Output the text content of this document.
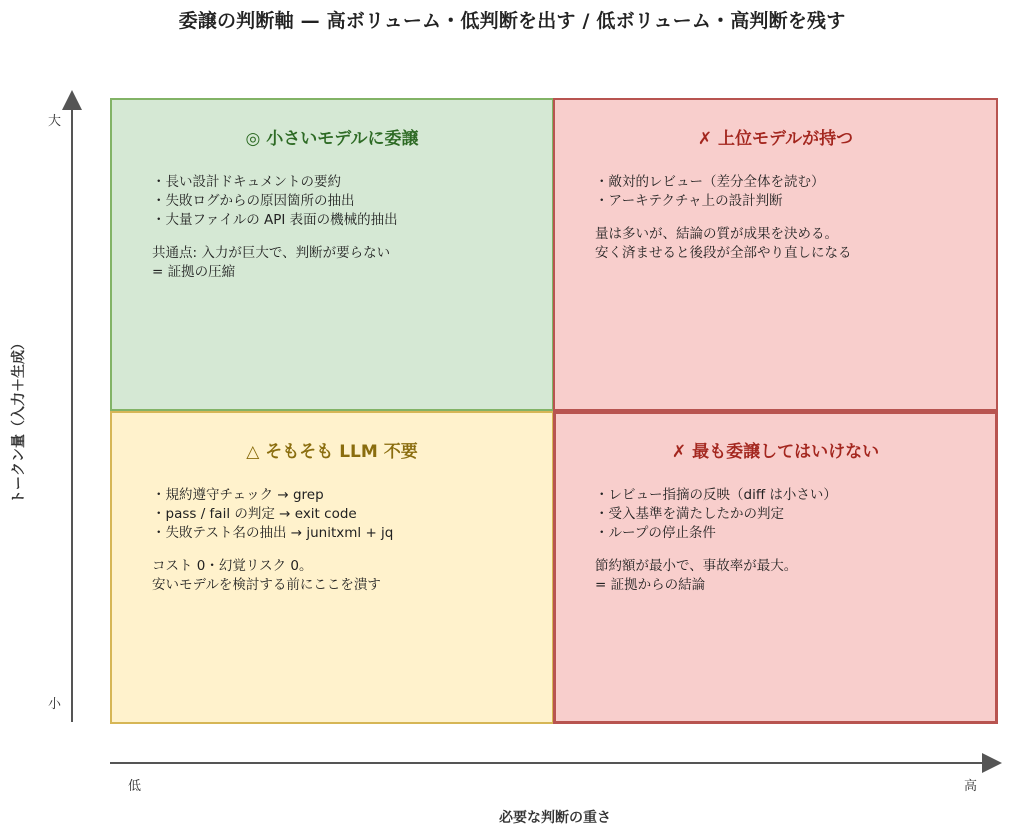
委譲の判断軸 — 高ボリューム・低判断を出す / 低ボリューム・高判断を残す
大
小
トークン量（入力＋生成）
低	高
必要な判断の重さ
◎ 小さいモデルに委譲
・長い設計ドキュメントの要約
・失敗ログからの原因箇所の抽出
・大量ファイルの API 表面の機械的抽出
共通点: 入力が巨大で、判断が要らない
= 証拠の圧縮
✗ 上位モデルが持つ
・敵対的レビュー（差分全体を読む）
・アーキテクチャ上の設計判断
量は多いが、結論の質が成果を決める。
安く済ませると後段が全部やり直しになる
△ そもそも LLM 不要
・規約遵守チェック → grep
・pass / fail の判定 → exit code
・失敗テスト名の抽出 → junitxml + jq
コスト 0・幻覚リスク 0。
安いモデルを検討する前にここを潰す
✗ 最も委譲してはいけない
・レビュー指摘の反映（diff は小さい）
・受入基準を満たしたかの判定
・ループの停止条件
節約額が最小で、事故率が最大。
= 証拠からの結論
